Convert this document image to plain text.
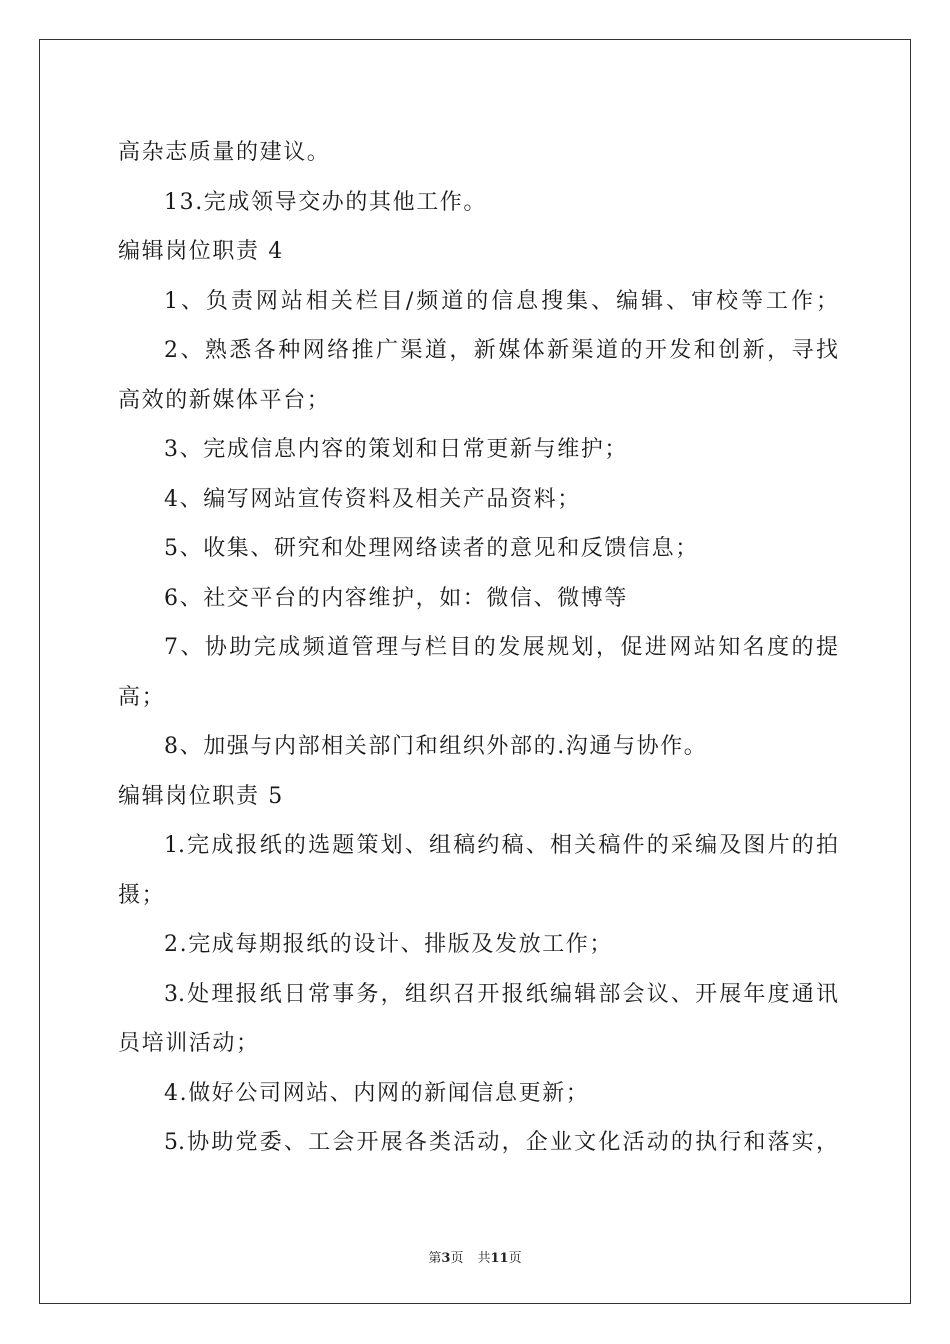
高杂志质量的建议。
13.完成领导交办的其他工作。
编辑岗位职责 4
1、负责网站相关栏目/频道的信息搜集、编辑、审校等工作；
2、熟悉各种网络推广渠道，新媒体新渠道的开发和创新，寻找
高效的新媒体平台；
3、完成信息内容的策划和日常更新与维护；
4、编写网站宣传资料及相关产品资料；
5、收集、研究和处理网络读者的意见和反馈信息；
6、社交平台的内容维护，如：微信、微博等
7、协助完成频道管理与栏目的发展规划，促进网站知名度的提
高；
8、加强与内部相关部门和组织外部的.沟通与协作。
编辑岗位职责 5
1.完成报纸的选题策划、组稿约稿、相关稿件的采编及图片的拍
摄；
2.完成每期报纸的设计、排版及发放工作；
3.处理报纸日常事务，组织召开报纸编辑部会议、开展年度通讯
员培训活动；
4.做好公司网站、内网的新闻信息更新；
5.协助党委、工会开展各类活动，企业文化活动的执行和落实，
第3页 共11页
